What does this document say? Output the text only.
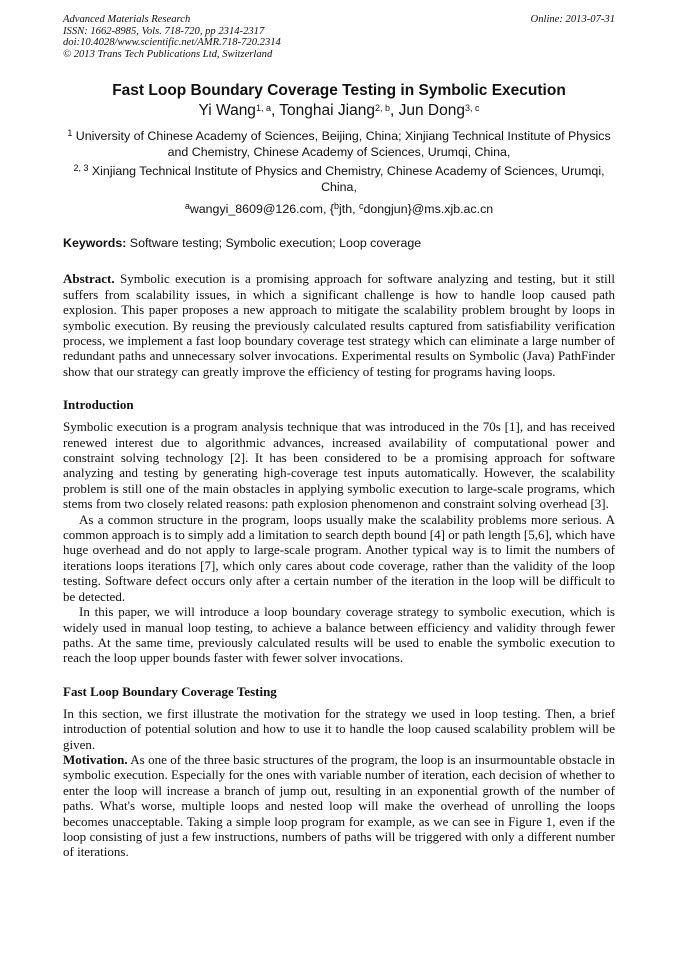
Advanced Materials Research
ISSN: 1662-8985, Vols. 718-720, pp 2314-2317
doi:10.4028/www.scientific.net/AMR.718-720.2314
© 2013 Trans Tech Publications Ltd, Switzerland
Online: 2013-07-31
Fast Loop Boundary Coverage Testing in Symbolic Execution
Yi Wang$^{1, a}$, Tonghai Jiang$^{2, b}$, Jun Dong$^{3, c}$
$^1$ University of Chinese Academy of Sciences, Beijing, China; Xinjiang Technical Institute of Physics and Chemistry, Chinese Academy of Sciences, Urumqi, China,
$^{2, 3}$ Xinjiang Technical Institute of Physics and Chemistry, Chinese Academy of Sciences, Urumqi, China,
$^a$wangyi_8609@126.com, {$^b$jth, $^c$dongjun}@ms.xjb.ac.cn
Keywords: Software testing; Symbolic execution; Loop coverage

Abstract. Symbolic execution is a promising approach for software analyzing and testing, but it still suffers from scalability issues, in which a significant challenge is how to handle loop caused path explosion. This paper proposes a new approach to mitigate the scalability problem brought by loops in symbolic execution. By reusing the previously calculated results captured from satisfiability verification process, we implement a fast loop boundary coverage test strategy which can eliminate a large number of redundant paths and unnecessary solver invocations. Experimental results on Symbolic (Java) PathFinder show that our strategy can greatly improve the efficiency of testing for programs having loops.

Introduction

Symbolic execution is a program analysis technique that was introduced in the 70s [1], and has received renewed interest due to algorithmic advances, increased availability of computational power and constraint solving technology [2]. It has been considered to be a promising approach for software analyzing and testing by generating high-coverage test inputs automatically. However, the scalability problem is still one of the main obstacles in applying symbolic execution to large-scale programs, which stems from two closely related reasons: path explosion phenomenon and constraint solving overhead [3].

As a common structure in the program, loops usually make the scalability problems more serious. A common approach is to simply add a limitation to search depth bound [4] or path length [5,6], which have huge overhead and do not apply to large-scale program. Another typical way is to limit the numbers of iterations loops iterations [7], which only cares about code coverage, rather than the validity of the loop testing. Software defect occurs only after a certain number of the iteration in the loop will be difficult to be detected.

In this paper, we will introduce a loop boundary coverage strategy to symbolic execution, which is widely used in manual loop testing, to achieve a balance between efficiency and validity through fewer paths. At the same time, previously calculated results will be used to enable the symbolic execution to reach the loop upper bounds faster with fewer solver invocations.

Fast Loop Boundary Coverage Testing

In this section, we first illustrate the motivation for the strategy we used in loop testing. Then, a brief introduction of potential solution and how to use it to handle the loop caused scalability problem will be given.

Motivation. As one of the three basic structures of the program, the loop is an insurmountable obstacle in symbolic execution. Especially for the ones with variable number of iteration, each decision of whether to enter the loop will increase a branch of jump out, resulting in an exponential growth of the number of paths. What's worse, multiple loops and nested loop will make the overhead of unrolling the loops becomes unacceptable. Taking a simple loop program for example, as we can see in Figure 1, even if the loop consisting of just a few instructions, numbers of paths will be triggered with only a different number of iterations.
